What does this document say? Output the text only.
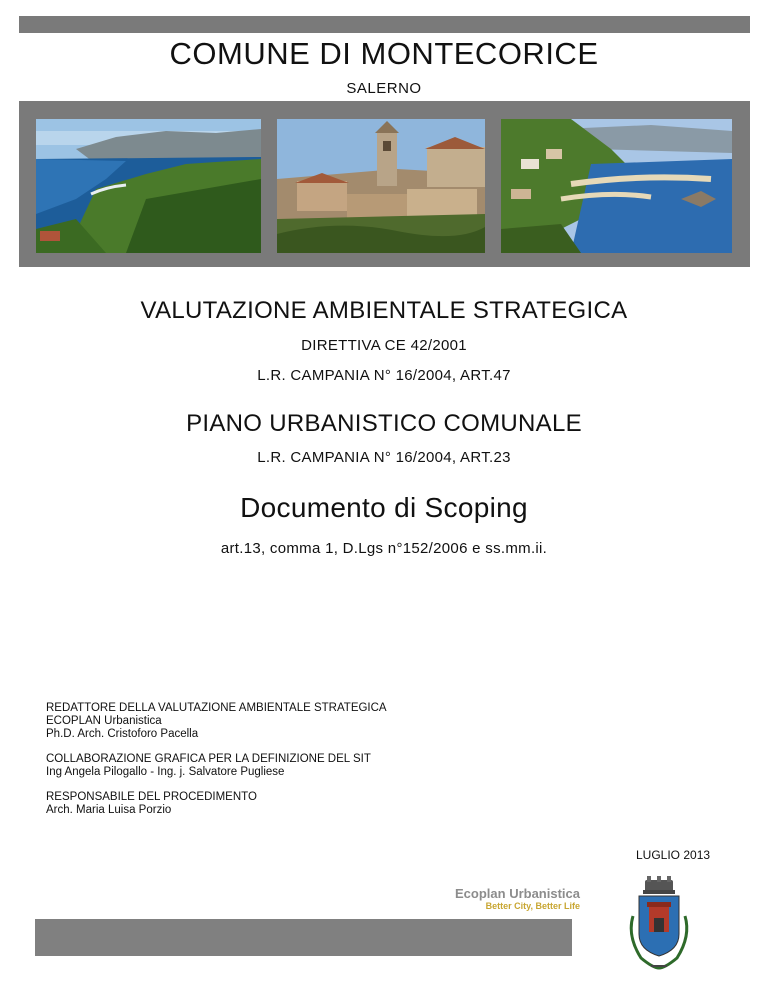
COMUNE DI MONTECORICE
SALERNO
VALUTAZIONE AMBIENTALE STRATEGICA
DIRETTIVA CE 42/2001
L.R. CAMPANIA N° 16/2004, ART.47
PIANO URBANISTICO COMUNALE
L.R. CAMPANIA N° 16/2004, ART.23
Documento di Scoping
art.13, comma 1, D.Lgs n°152/2006 e ss.mm.ii.
REDATTORE DELLA VALUTAZIONE AMBIENTALE STRATEGICA
ECOPLAN Urbanistica
Ph.D. Arch. Cristoforo Pacella
COLLABORAZIONE GRAFICA PER LA DEFINIZIONE DEL SIT
Ing Angela Pilogallo - Ing. j. Salvatore Pugliese
RESPONSABILE DEL PROCEDIMENTO
Arch. Maria Luisa Porzio
LUGLIO 2013
Ecoplan Urbanistica
Better City, Better Life
